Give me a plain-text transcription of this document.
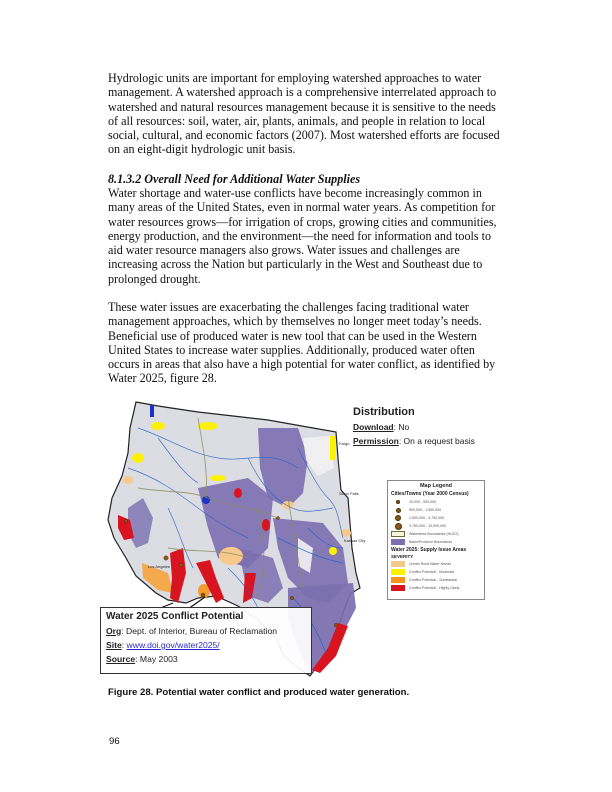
Hydrologic units are important for employing watershed approaches to water management. A watershed approach is a comprehensive interrelated approach to watershed and natural resources management because it is sensitive to the needs of all resources: soil, water, air, plants, animals, and people in relation to local social, cultural, and economic factors (2007). Most watershed efforts are focused on an eight-digit hydrologic unit basis.

8.1.3.2 Overall Need for Additional Water Supplies

Water shortage and water-use conflicts have become increasingly common in many areas of the United States, even in normal water years. As competition for water resources grows—for irrigation of crops, growing cities and communities, energy production, and the environment—the need for information and tools to aid water resource managers also grows. Water issues and challenges are increasing across the Nation but particularly in the West and Southeast due to prolonged drought.

These water issues are exacerbating the challenges facing traditional water management approaches, which by themselves no longer meet today’s needs. Beneficial use of produced water is new tool that can be used in the Western United States to increase water supplies. Additionally, produced water often occurs in areas that also have a high potential for water conflict, as identified by Water 2025, figure 28.

Fargo
Sioux Falls
Kansas City
Los Angeles
Distribution
Download: No
Permission: On a request basis
Map Legend
Cities/Towns (Year 2000 Census)
10,000 - 500,000
500,000 - 1,500,000
1,500,000 - 3,750,000
3,750,000 - 10,000,000
Watershed Boundaries (HUC2)
Basin/Province Boundaries
Water 2025: Supply Issue Areas
SEVERITY
Unmet Rural Water Needs
Conflict Potential - Moderate
Conflict Potential - Substantial
Conflict Potential - Highly Likely
Water 2025 Conflict Potential
Org: Dept. of Interior, Bureau of Reclamation
Site: www.doi.gov/water2025/
Source: May 2003
Figure 28. Potential water conflict and produced water generation.
96
